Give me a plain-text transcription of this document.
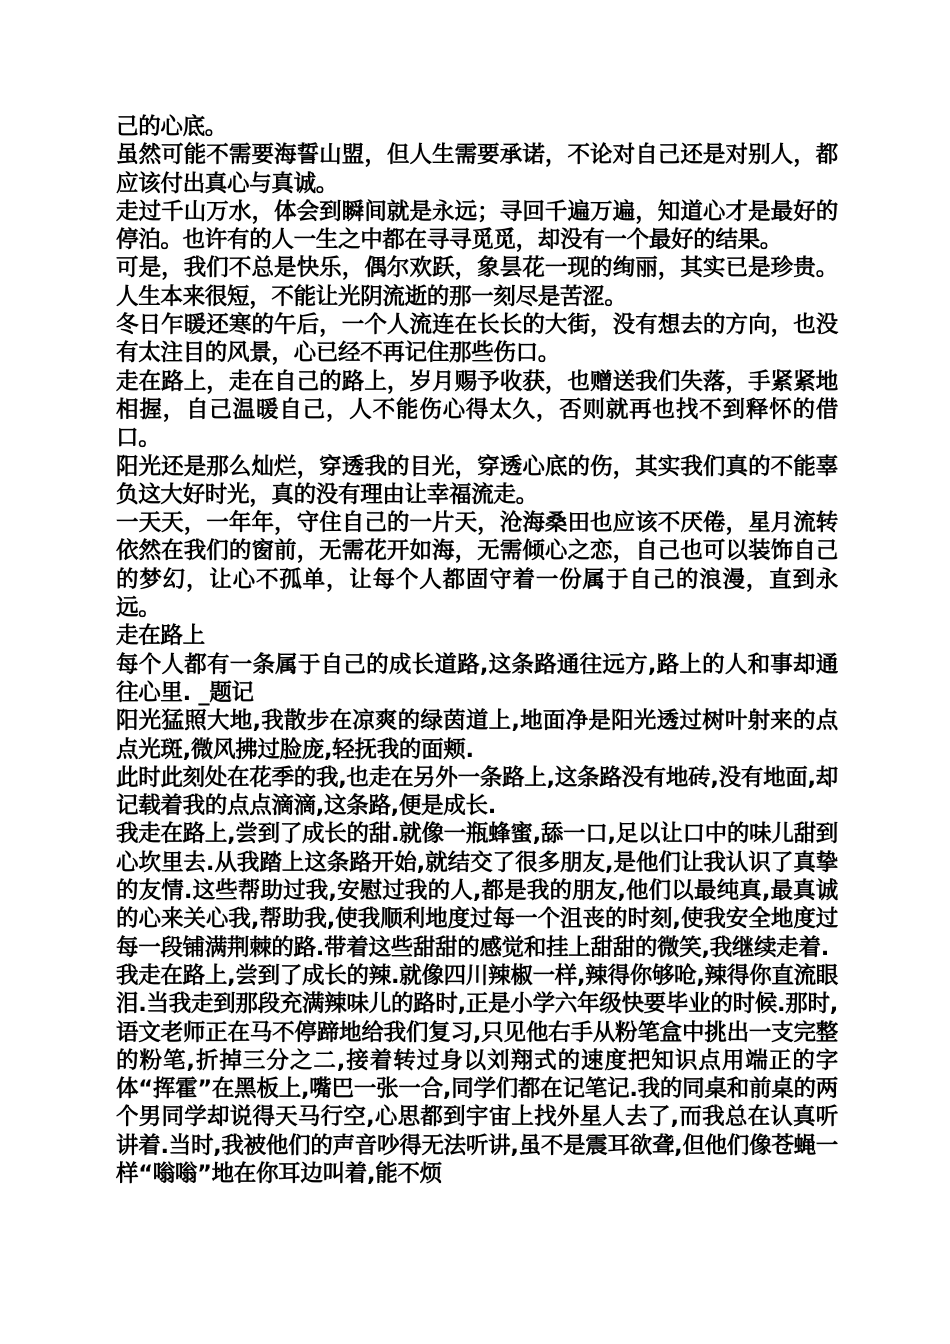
己的心底。

虽然可能不需要海誓山盟，但人生需要承诺，不论对自己还是对别人，都应该付出真心与真诚。

走过千山万水，体会到瞬间就是永远；寻回千遍万遍，知道心才是最好的停泊。也许有的人一生之中都在寻寻觅觅，却没有一个最好的结果。

可是，我们不总是快乐，偶尔欢跃，象昙花一现的绚丽，其实已是珍贵。人生本来很短，不能让光阴流逝的那一刻尽是苦涩。

冬日乍暖还寒的午后，一个人流连在长长的大街，没有想去的方向，也没有太注目的风景，心已经不再记住那些伤口。

走在路上，走在自己的路上，岁月赐予收获，也赠送我们失落，手紧紧地相握，自己温暖自己，人不能伤心得太久，否则就再也找不到释怀的借口。

阳光还是那么灿烂，穿透我的目光，穿透心底的伤，其实我们真的不能辜负这大好时光，真的没有理由让幸福流走。

一天天，一年年，守住自己的一片天，沧海桑田也应该不厌倦，星月流转依然在我们的窗前，无需花开如海，无需倾心之恋，自己也可以装饰自己的梦幻，让心不孤单，让每个人都固守着一份属于自己的浪漫，直到永远。

走在路上

每个人都有一条属于自己的成长道路,这条路通往远方,路上的人和事却通往心里. _题记

阳光猛照大地,我散步在凉爽的绿茵道上,地面净是阳光透过树叶射来的点点光斑,微风拂过脸庞,轻抚我的面颊.

此时此刻处在花季的我,也走在另外一条路上,这条路没有地砖,没有地面,却记载着我的点点滴滴,这条路,便是成长.

我走在路上,尝到了成长的甜.就像一瓶蜂蜜,舔一口,足以让口中的味儿甜到心坎里去.从我踏上这条路开始,就结交了很多朋友,是他们让我认识了真挚的友情.这些帮助过我,安慰过我的人,都是我的朋友,他们以最纯真,最真诚的心来关心我,帮助我,使我顺利地度过每一个沮丧的时刻,使我安全地度过每一段铺满荆棘的路.带着这些甜甜的感觉和挂上甜甜的微笑,我继续走着.

我走在路上,尝到了成长的辣.就像四川辣椒一样,辣得你够呛,辣得你直流眼泪.当我走到那段充满辣味儿的路时,正是小学六年级快要毕业的时候.那时,语文老师正在马不停蹄地给我们复习,只见他右手从粉笔盒中挑出一支完整的粉笔,折掉三分之二,接着转过身以刘翔式的速度把知识点用端正的字体“挥霍”在黑板上,嘴巴一张一合,同学们都在记笔记.我的同桌和前桌的两个男同学却说得天马行空,心思都到宇宙上找外星人去了,而我总在认真听讲着.当时,我被他们的声音吵得无法听讲,虽不是震耳欲聋,但他们像苍蝇一样“嗡嗡”地在你耳边叫着,能不烦
